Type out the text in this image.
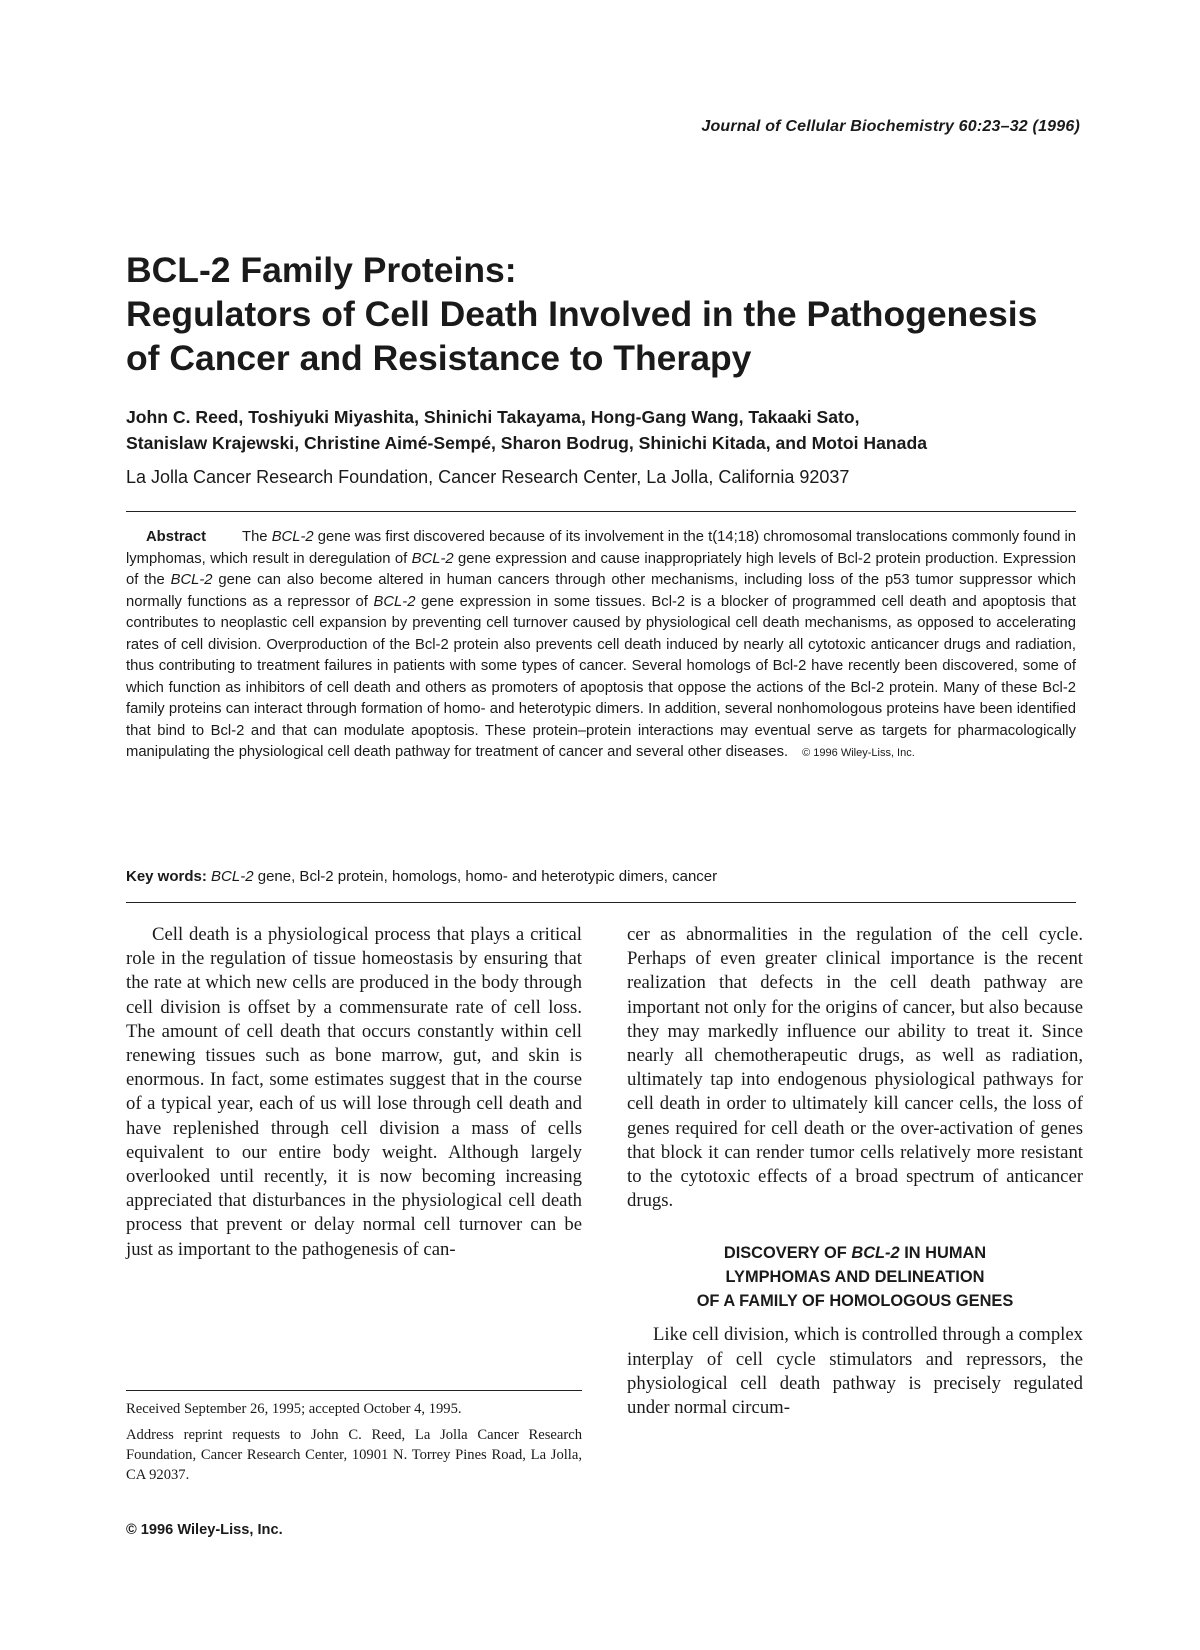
Journal of Cellular Biochemistry 60:23–32 (1996)
BCL-2 Family Proteins:
Regulators of Cell Death Involved in the Pathogenesis
of Cancer and Resistance to Therapy
John C. Reed, Toshiyuki Miyashita, Shinichi Takayama, Hong-Gang Wang, Takaaki Sato,
Stanislaw Krajewski, Christine Aimé-Sempé, Sharon Bodrug, Shinichi Kitada, and Motoi Hanada
La Jolla Cancer Research Foundation, Cancer Research Center, La Jolla, California 92037
Abstract The BCL-2 gene was first discovered because of its involvement in the t(14;18) chromosomal translocations commonly found in lymphomas, which result in deregulation of BCL-2 gene expression and cause inappropriately high levels of Bcl-2 protein production. Expression of the BCL-2 gene can also become altered in human cancers through other mechanisms, including loss of the p53 tumor suppressor which normally functions as a repressor of BCL-2 gene expression in some tissues. Bcl-2 is a blocker of programmed cell death and apoptosis that contributes to neoplastic cell expansion by preventing cell turnover caused by physiological cell death mechanisms, as opposed to accelerating rates of cell division. Overproduction of the Bcl-2 protein also prevents cell death induced by nearly all cytotoxic anticancer drugs and radiation, thus contributing to treatment failures in patients with some types of cancer. Several homologs of Bcl-2 have recently been discovered, some of which function as inhibitors of cell death and others as promoters of apoptosis that oppose the actions of the Bcl-2 protein. Many of these Bcl-2 family proteins can interact through formation of homo- and heterotypic dimers. In addition, several nonhomologous proteins have been identified that bind to Bcl-2 and that can modulate apoptosis. These protein–protein interactions may eventual serve as targets for pharmacologically manipulating the physiological cell death pathway for treatment of cancer and several other diseases. © 1996 Wiley-Liss, Inc.
Key words: BCL-2 gene, Bcl-2 protein, homologs, homo- and heterotypic dimers, cancer

Cell death is a physiological process that plays a critical role in the regulation of tissue homeostasis by ensuring that the rate at which new cells are produced in the body through cell division is offset by a commensurate rate of cell loss. The amount of cell death that occurs constantly within cell renewing tissues such as bone marrow, gut, and skin is enormous. In fact, some estimates suggest that in the course of a typical year, each of us will lose through cell death and have replenished through cell division a mass of cells equivalent to our entire body weight. Although largely overlooked until recently, it is now becoming increasing appreciated that disturbances in the physiological cell death process that prevent or delay normal cell turnover can be just as important to the pathogenesis of can-

cer as abnormalities in the regulation of the cell cycle. Perhaps of even greater clinical importance is the recent realization that defects in the cell death pathway are important not only for the origins of cancer, but also because they may markedly influence our ability to treat it. Since nearly all chemotherapeutic drugs, as well as radiation, ultimately tap into endogenous physiological pathways for cell death in order to ultimately kill cancer cells, the loss of genes required for cell death or the over-activation of genes that block it can render tumor cells relatively more resistant to the cytotoxic effects of a broad spectrum of anticancer drugs.

DISCOVERY OF BCL-2 IN HUMAN
LYMPHOMAS AND DELINEATION
OF A FAMILY OF HOMOLOGOUS GENES

Like cell division, which is controlled through a complex interplay of cell cycle stimulators and repressors, the physiological cell death pathway is precisely regulated under normal circum-

Received September 26, 1995; accepted October 4, 1995.

Address reprint requests to John C. Reed, La Jolla Cancer Research Foundation, Cancer Research Center, 10901 N. Torrey Pines Road, La Jolla, CA 92037.

© 1996 Wiley-Liss, Inc.
